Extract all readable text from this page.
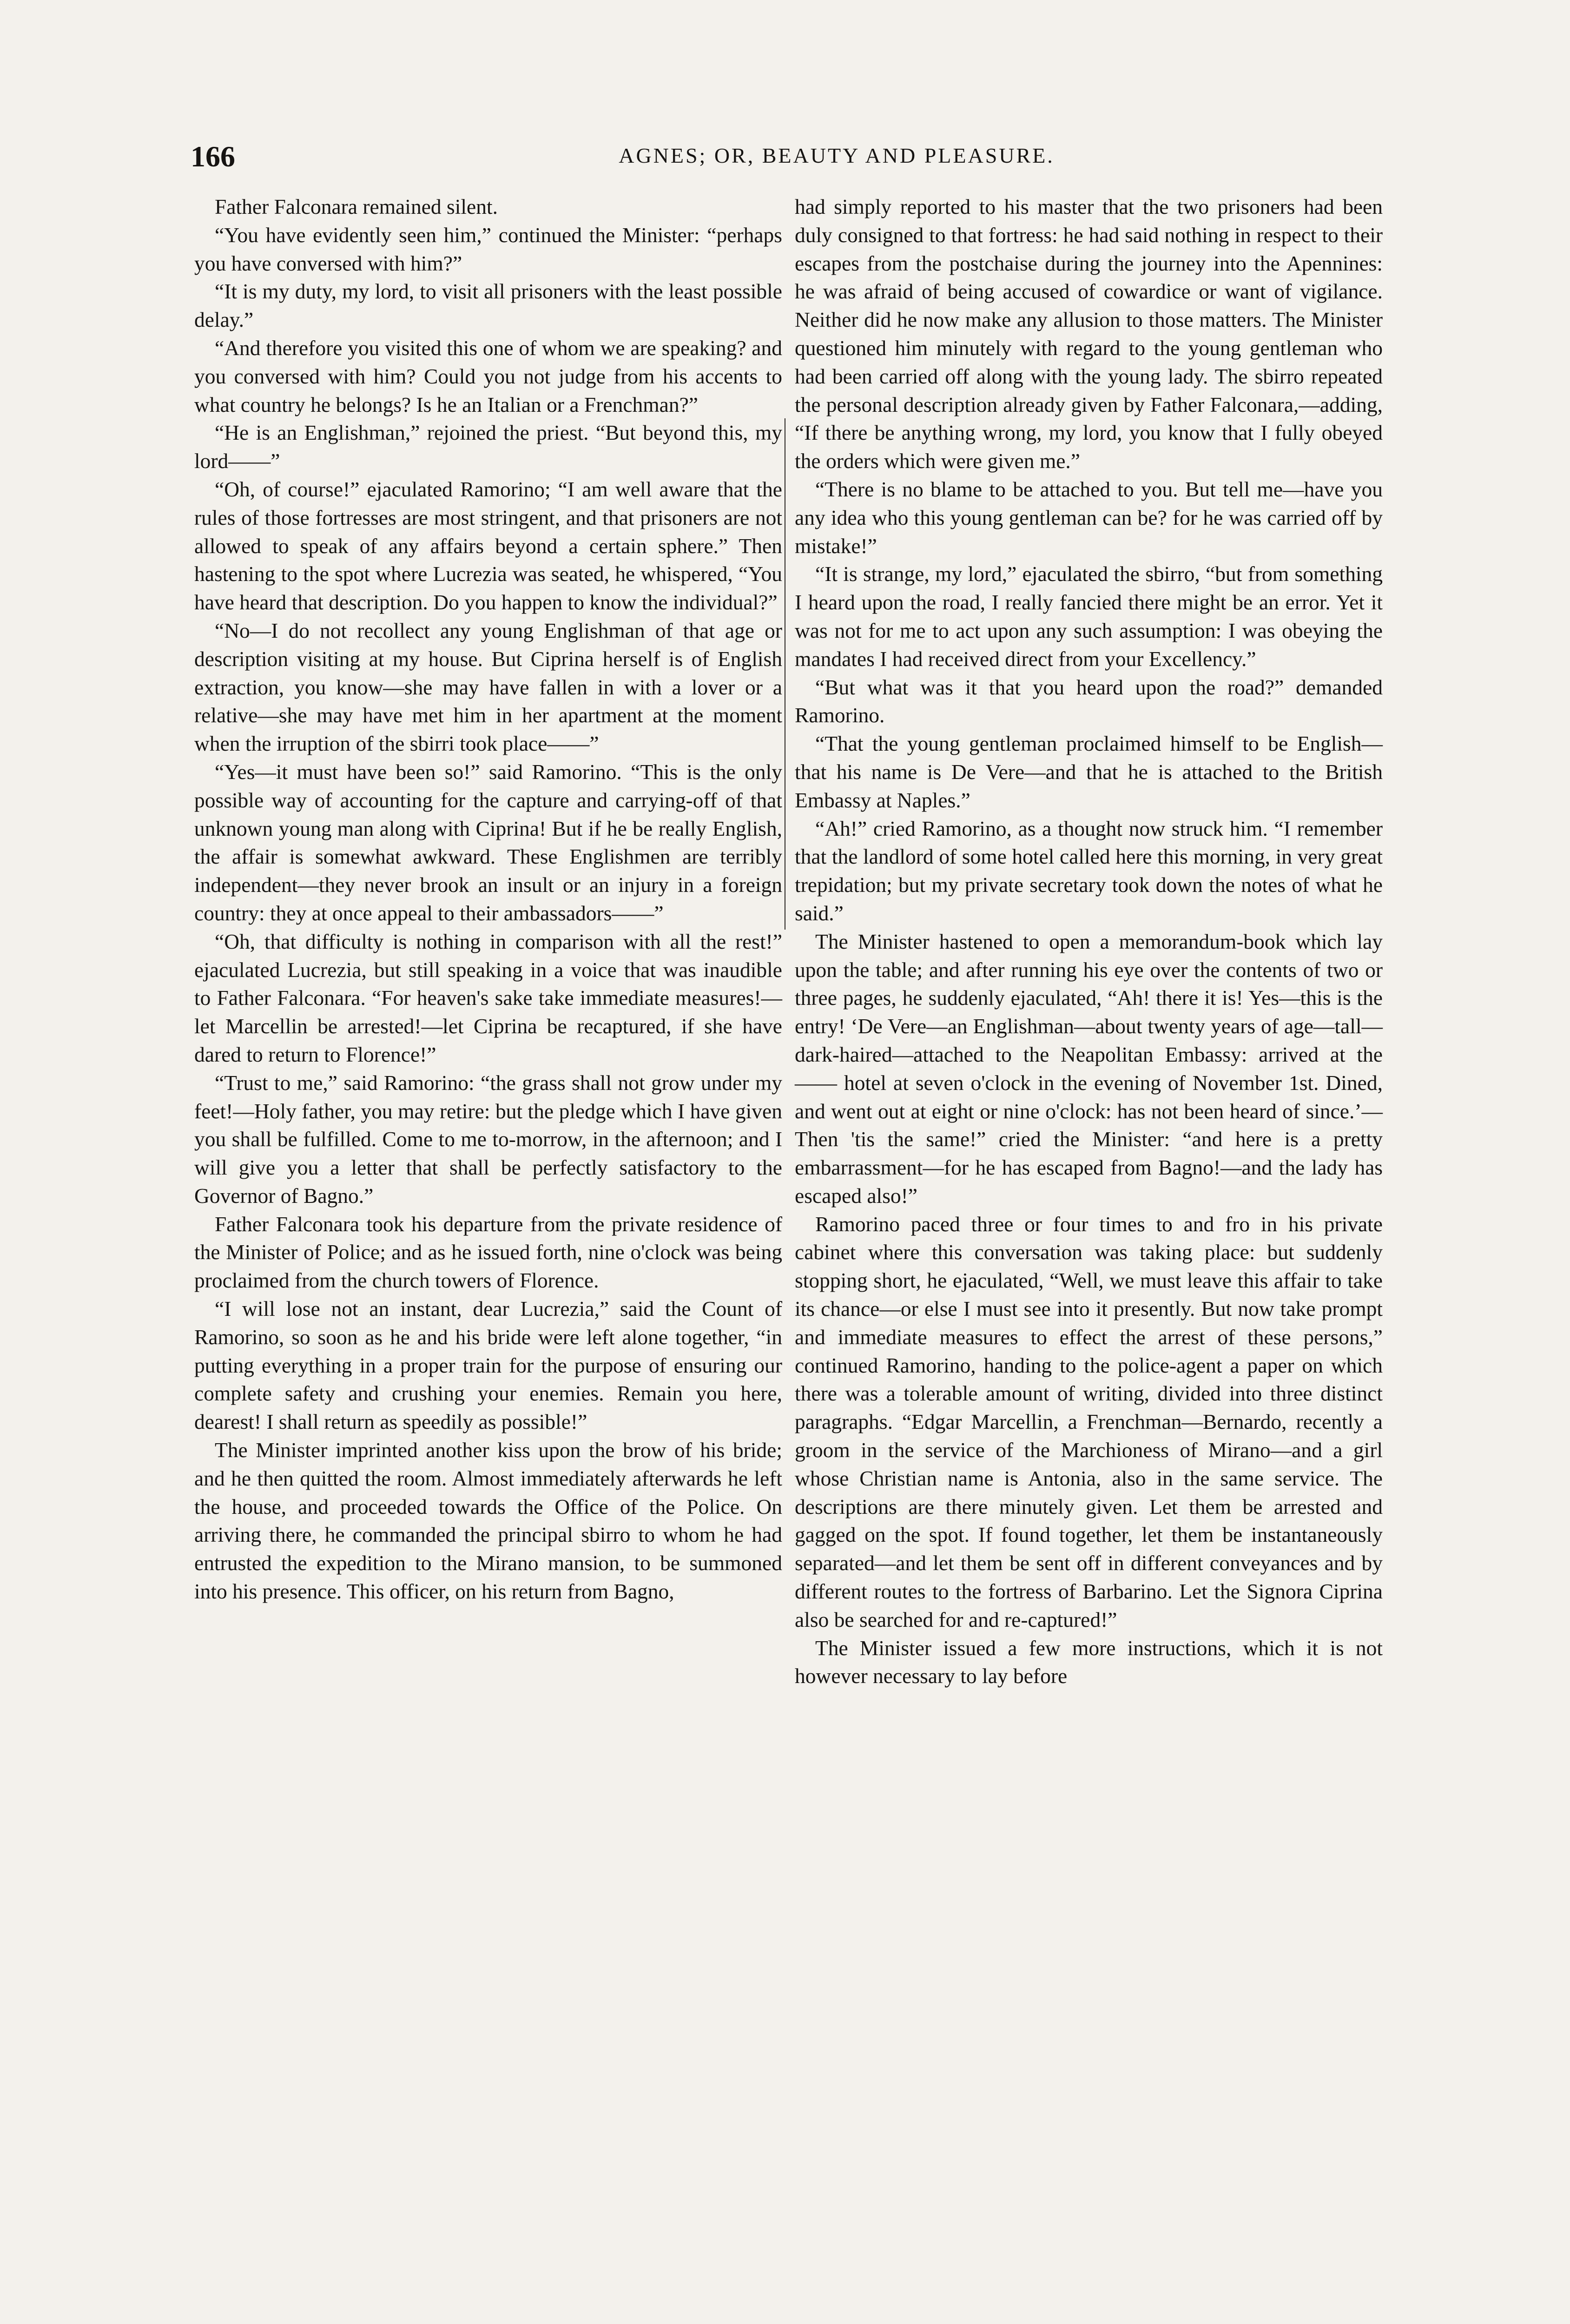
166	AGNES; OR, BEAUTY AND PLEASURE.

Father Falconara remained silent.

“You have evidently seen him,” continued the Minister: “perhaps you have conversed with him?”

“It is my duty, my lord, to visit all prisoners with the least possible delay.”

“And therefore you visited this one of whom we are speaking? and you conversed with him? Could you not judge from his accents to what country he belongs? Is he an Italian or a Frenchman?”

“He is an Englishman,” rejoined the priest. “But beyond this, my lord——”

“Oh, of course!” ejaculated Ramorino; “I am well aware that the rules of those fortresses are most stringent, and that prisoners are not allowed to speak of any affairs beyond a certain sphere.” Then hastening to the spot where Lucrezia was seated, he whispered, “You have heard that description. Do you happen to know the individual?”

“No—I do not recollect any young Englishman of that age or description visiting at my house. But Ciprina herself is of English extraction, you know—she may have fallen in with a lover or a relative—she may have met him in her apartment at the moment when the irruption of the sbirri took place——”

“Yes—it must have been so!” said Ramorino. “This is the only possible way of accounting for the capture and carrying-off of that unknown young man along with Ciprina! But if he be really English, the affair is somewhat awkward. These Englishmen are terribly independent—they never brook an insult or an injury in a foreign country: they at once appeal to their ambassadors——”

“Oh, that difficulty is nothing in comparison with all the rest!” ejaculated Lucrezia, but still speaking in a voice that was inaudible to Father Falconara. “For heaven's sake take immediate measures!—let Marcellin be arrested!—let Ciprina be recaptured, if she have dared to return to Florence!”

“Trust to me,” said Ramorino: “the grass shall not grow under my feet!—Holy father, you may retire: but the pledge which I have given you shall be fulfilled. Come to me to-morrow, in the afternoon; and I will give you a letter that shall be perfectly satisfactory to the Governor of Bagno.”

Father Falconara took his departure from the private residence of the Minister of Police; and as he issued forth, nine o'clock was being proclaimed from the church towers of Florence.

“I will lose not an instant, dear Lucrezia,” said the Count of Ramorino, so soon as he and his bride were left alone together, “in putting everything in a proper train for the purpose of ensuring our complete safety and crushing your enemies. Remain you here, dearest! I shall return as speedily as possible!”

The Minister imprinted another kiss upon the brow of his bride; and he then quitted the room. Almost immediately afterwards he left the house, and proceeded towards the Office of the Police. On arriving there, he commanded the principal sbirro to whom he had entrusted the expedition to the Mirano mansion, to be summoned into his presence. This officer, on his return from Bagno,

had simply reported to his master that the two prisoners had been duly consigned to that fortress: he had said nothing in respect to their escapes from the postchaise during the journey into the Apennines: he was afraid of being accused of cowardice or want of vigilance. Neither did he now make any allusion to those matters. The Minister questioned him minutely with regard to the young gentleman who had been carried off along with the young lady. The sbirro repeated the personal description already given by Father Falconara,—adding, “If there be anything wrong, my lord, you know that I fully obeyed the orders which were given me.”

“There is no blame to be attached to you. But tell me—have you any idea who this young gentleman can be? for he was carried off by mistake!”

“It is strange, my lord,” ejaculated the sbirro, “but from something I heard upon the road, I really fancied there might be an error. Yet it was not for me to act upon any such assumption: I was obeying the mandates I had received direct from your Excellency.”

“But what was it that you heard upon the road?” demanded Ramorino.

“That the young gentleman proclaimed himself to be English—that his name is De Vere—and that he is attached to the British Embassy at Naples.”

“Ah!” cried Ramorino, as a thought now struck him. “I remember that the landlord of some hotel called here this morning, in very great trepidation; but my private secretary took down the notes of what he said.”

The Minister hastened to open a memorandum-book which lay upon the table; and after running his eye over the contents of two or three pages, he suddenly ejaculated, “Ah! there it is! Yes—this is the entry! ‘De Vere—an Englishman—about twenty years of age—tall—dark-haired—attached to the Neapolitan Embassy: arrived at the —— hotel at seven o'clock in the evening of November 1st. Dined, and went out at eight or nine o'clock: has not been heard of since.’—Then 'tis the same!” cried the Minister: “and here is a pretty embarrassment—for he has escaped from Bagno!—and the lady has escaped also!”

Ramorino paced three or four times to and fro in his private cabinet where this conversation was taking place: but suddenly stopping short, he ejaculated, “Well, we must leave this affair to take its chance—or else I must see into it presently. But now take prompt and immediate measures to effect the arrest of these persons,” continued Ramorino, handing to the police-agent a paper on which there was a tolerable amount of writing, divided into three distinct paragraphs. “Edgar Marcellin, a Frenchman—Bernardo, recently a groom in the service of the Marchioness of Mirano—and a girl whose Christian name is Antonia, also in the same service. The descriptions are there minutely given. Let them be arrested and gagged on the spot. If found together, let them be instantaneously separated—and let them be sent off in different conveyances and by different routes to the fortress of Barbarino. Let the Signora Ciprina also be searched for and re-captured!”

The Minister issued a few more instructions, which it is not however necessary to lay before
